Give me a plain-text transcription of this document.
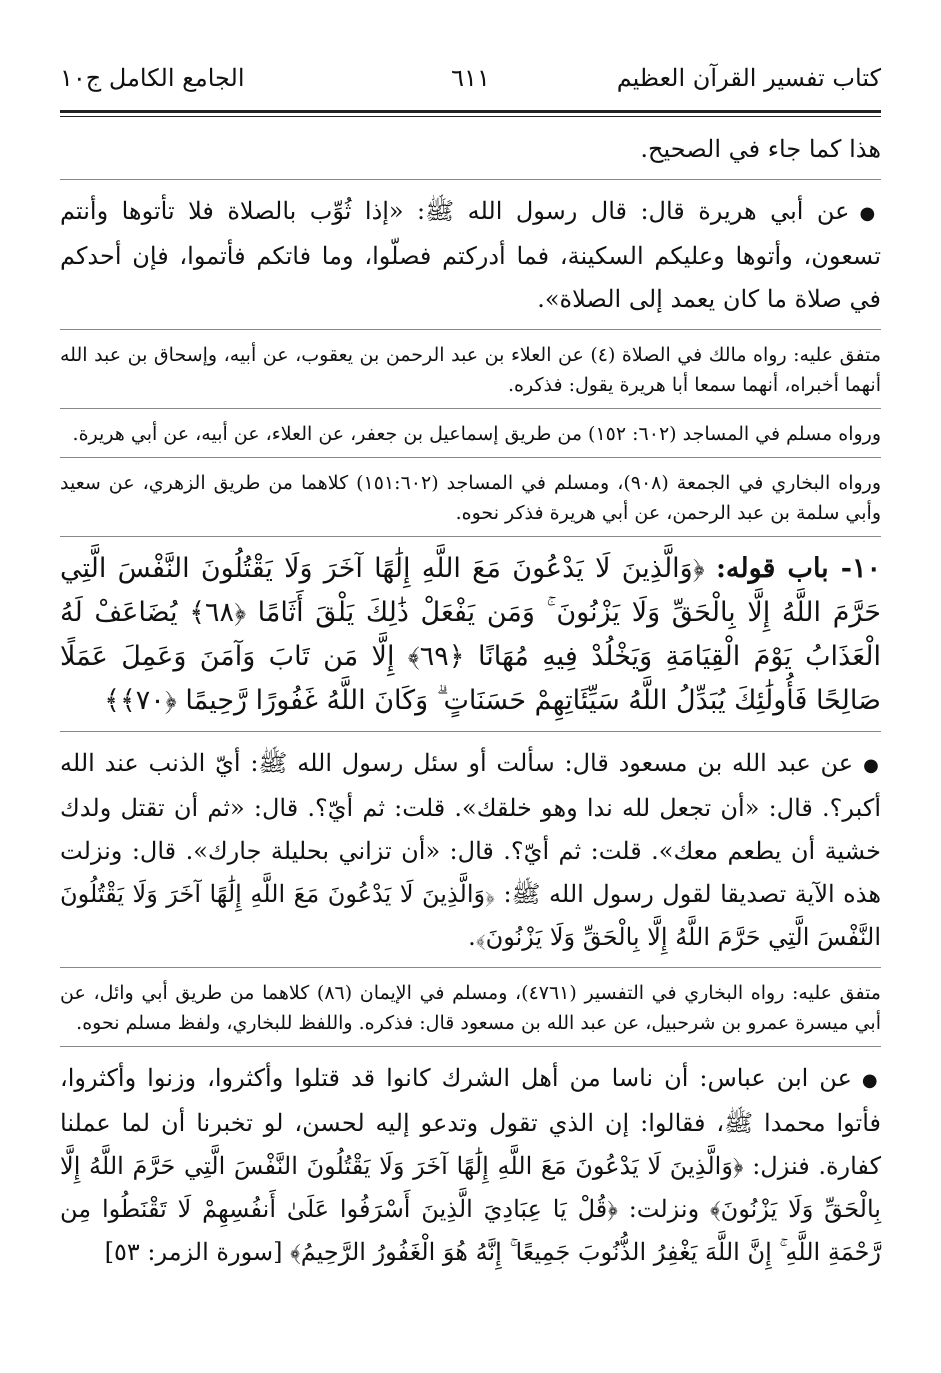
كتاب تفسير القرآن العظيم
٦١١
الجامع الكامل ج١٠

هذا كما جاء في الصحيح.

●عن أبي هريرة قال: قال رسول الله ﷺ: «إذا ثُوِّب بالصلاة فلا تأتوها وأنتم تسعون، وأتوها وعليكم السكينة، فما أدركتم فصلّوا، وما فاتكم فأتموا، فإن أحدكم في صلاة ما كان يعمد إلى الصلاة».

متفق عليه: رواه مالك في الصلاة (٤) عن العلاء بن عبد الرحمن بن يعقوب، عن أبيه، وإسحاق بن عبد الله أنهما أخبراه، أنهما سمعا أبا هريرة يقول: فذكره.

ورواه مسلم في المساجد (٦٠٢: ١٥٢) من طريق إسماعيل بن جعفر، عن العلاء، عن أبيه، عن أبي هريرة.

ورواه البخاري في الجمعة (٩٠٨)، ومسلم في المساجد (١٥١:٦٠٢) كلاهما من طريق الزهري، عن سعيد وأبي سلمة بن عبد الرحمن، عن أبي هريرة فذكر نحوه.

١٠- باب قوله: ﴿وَالَّذِينَ لَا يَدْعُونَ مَعَ اللَّهِ إِلَٰهًا آخَرَ وَلَا يَقْتُلُونَ النَّفْسَ الَّتِي حَرَّمَ اللَّهُ إِلَّا بِالْحَقِّ وَلَا يَزْنُونَ ۚ وَمَن يَفْعَلْ ذَٰلِكَ يَلْقَ أَثَامًا ﴿٦٨﴾ يُضَاعَفْ لَهُ الْعَذَابُ يَوْمَ الْقِيَامَةِ وَيَخْلُدْ فِيهِ مُهَانًا ﴿٦٩﴾ إِلَّا مَن تَابَ وَآمَنَ وَعَمِلَ عَمَلًا صَالِحًا فَأُولَٰئِكَ يُبَدِّلُ اللَّهُ سَيِّئَاتِهِمْ حَسَنَاتٍ ۗ وَكَانَ اللَّهُ غَفُورًا رَّحِيمًا ﴿٧٠﴾﴾

●عن عبد الله بن مسعود قال: سألت أو سئل رسول الله ﷺ: أيّ الذنب عند الله أكبر؟. قال: «أن تجعل لله ندا وهو خلقك». قلت: ثم أيّ؟. قال: «ثم أن تقتل ولدك خشية أن يطعم معك». قلت: ثم أيّ؟. قال: «أن تزاني بحليلة جارك». قال: ونزلت هذه الآية تصديقا لقول رسول الله ﷺ: ﴿وَالَّذِينَ لَا يَدْعُونَ مَعَ اللَّهِ إِلَٰهًا آخَرَ وَلَا يَقْتُلُونَ النَّفْسَ الَّتِي حَرَّمَ اللَّهُ إِلَّا بِالْحَقِّ وَلَا يَزْنُونَ﴾.

متفق عليه: رواه البخاري في التفسير (٤٧٦١)، ومسلم في الإيمان (٨٦) كلاهما من طريق أبي وائل، عن أبي ميسرة عمرو بن شرحبيل، عن عبد الله بن مسعود قال: فذكره. واللفظ للبخاري، ولفظ مسلم نحوه.

●عن ابن عباس: أن ناسا من أهل الشرك كانوا قد قتلوا وأكثروا، وزنوا وأكثروا، فأتوا محمدا ﷺ، فقالوا: إن الذي تقول وتدعو إليه لحسن، لو تخبرنا أن لما عملنا كفارة. فنزل: ﴿وَالَّذِينَ لَا يَدْعُونَ مَعَ اللَّهِ إِلَٰهًا آخَرَ وَلَا يَقْتُلُونَ النَّفْسَ الَّتِي حَرَّمَ اللَّهُ إِلَّا بِالْحَقِّ وَلَا يَزْنُونَ﴾ ونزلت: ﴿قُلْ يَا عِبَادِيَ الَّذِينَ أَسْرَفُوا عَلَىٰ أَنفُسِهِمْ لَا تَقْنَطُوا مِن رَّحْمَةِ اللَّهِ ۚ إِنَّ اللَّهَ يَغْفِرُ الذُّنُوبَ جَمِيعًا ۚ إِنَّهُ هُوَ الْغَفُورُ الرَّحِيمُ﴾ [سورة الزمر: ٥٣]
